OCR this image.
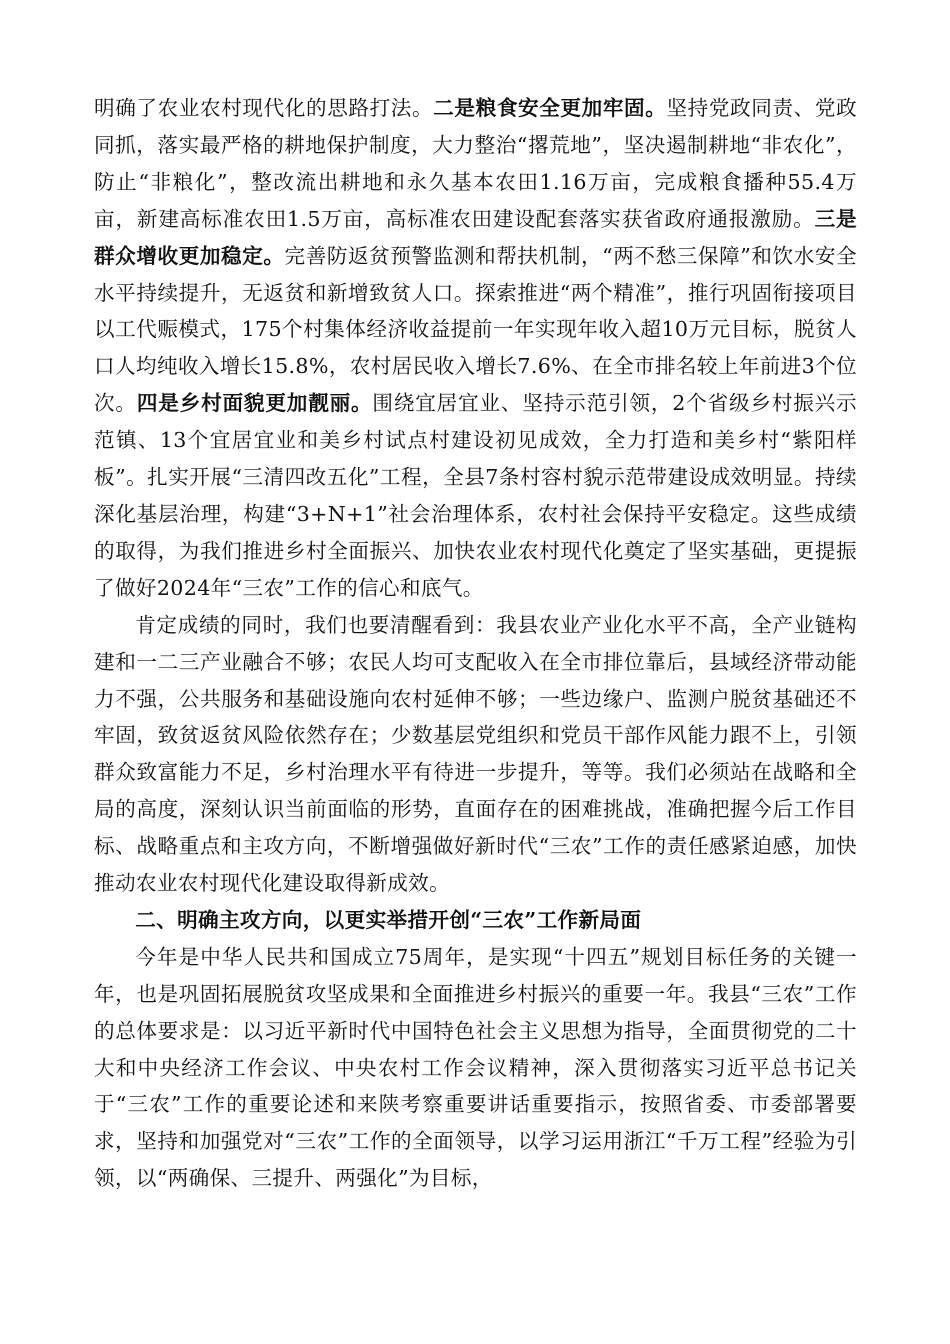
明确了农业农村现代化的思路打法。二是粮食安全更加牢固。坚持党政同责、党政同抓，落实最严格的耕地保护制度，大力整治“撂荒地”，坚决遏制耕地“非农化”，防止“非粮化”，整改流出耕地和永久基本农田1.16万亩，完成粮食播种55.4万亩，新建高标准农田1.5万亩，高标准农田建设配套落实获省政府通报激励。三是群众增收更加稳定。完善防返贫预警监测和帮扶机制，“两不愁三保障”和饮水安全水平持续提升，无返贫和新增致贫人口。探索推进“两个精准”，推行巩固衔接项目以工代赈模式，175个村集体经济收益提前一年实现年收入超10万元目标，脱贫人口人均纯收入增长15.8%，农村居民收入增长7.6%、在全市排名较上年前进3个位次。四是乡村面貌更加靓丽。围绕宜居宜业、坚持示范引领，2个省级乡村振兴示范镇、13个宜居宜业和美乡村试点村建设初见成效，全力打造和美乡村“紫阳样板”。扎实开展“三清四改五化”工程，全县7条村容村貌示范带建设成效明显。持续深化基层治理，构建“3+N+1”社会治理体系，农村社会保持平安稳定。这些成绩的取得，为我们推进乡村全面振兴、加快农业农村现代化奠定了坚实基础，更提振了做好2024年“三农”工作的信心和底气。

肯定成绩的同时，我们也要清醒看到：我县农业产业化水平不高，全产业链构建和一二三产业融合不够；农民人均可支配收入在全市排位靠后，县域经济带动能力不强，公共服务和基础设施向农村延伸不够；一些边缘户、监测户脱贫基础还不牢固，致贫返贫风险依然存在；少数基层党组织和党员干部作风能力跟不上，引领群众致富能力不足，乡村治理水平有待进一步提升，等等。我们必须站在战略和全局的高度，深刻认识当前面临的形势，直面存在的困难挑战，准确把握今后工作目标、战略重点和主攻方向，不断增强做好新时代“三农”工作的责任感紧迫感，加快推动农业农村现代化建设取得新成效。

二、明确主攻方向，以更实举措开创“三农”工作新局面

今年是中华人民共和国成立75周年，是实现“十四五”规划目标任务的关键一年，也是巩固拓展脱贫攻坚成果和全面推进乡村振兴的重要一年。我县“三农”工作的总体要求是：以习近平新时代中国特色社会主义思想为指导，全面贯彻党的二十大和中央经济工作会议、中央农村工作会议精神，深入贯彻落实习近平总书记关于“三农”工作的重要论述和来陕考察重要讲话重要指示，按照省委、市委部署要求，坚持和加强党对“三农”工作的全面领导，以学习运用浙江“千万工程”经验为引领，以“两确保、三提升、两强化”为目标，
